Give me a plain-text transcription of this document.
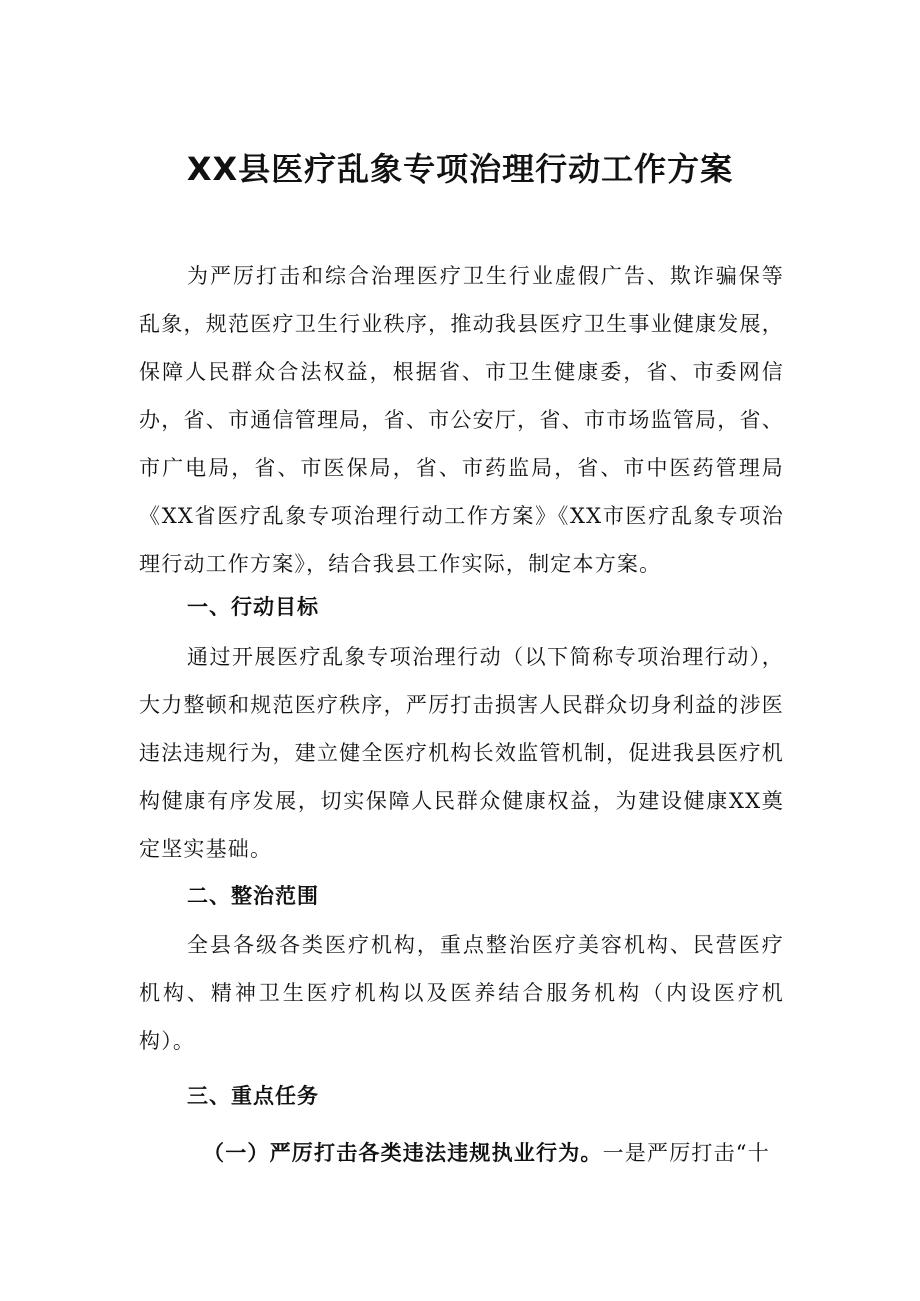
XX县医疗乱象专项治理行动工作方案

为严厉打击和综合治理医疗卫生行业虚假广告、欺诈骗保等乱象，规范医疗卫生行业秩序，推动我县医疗卫生事业健康发展，保障人民群众合法权益，根据省、市卫生健康委，省、市委网信办，省、市通信管理局，省、市公安厅，省、市市场监管局，省、市广电局，省、市医保局，省、市药监局，省、市中医药管理局《XX省医疗乱象专项治理行动工作方案》《XX市医疗乱象专项治理行动工作方案》，结合我县工作实际，制定本方案。

一、行动目标

通过开展医疗乱象专项治理行动（以下简称专项治理行动），大力整顿和规范医疗秩序，严厉打击损害人民群众切身利益的涉医违法违规行为，建立健全医疗机构长效监管机制，促进我县医疗机构健康有序发展，切实保障人民群众健康权益，为建设健康XX奠定坚实基础。

二、整治范围

全县各级各类医疗机构，重点整治医疗美容机构、民营医疗机构、精神卫生医疗机构以及医养结合服务机构（内设医疗机构）。

三、重点任务

（一）严厉打击各类违法违规执业行为。一是严厉打击“十
